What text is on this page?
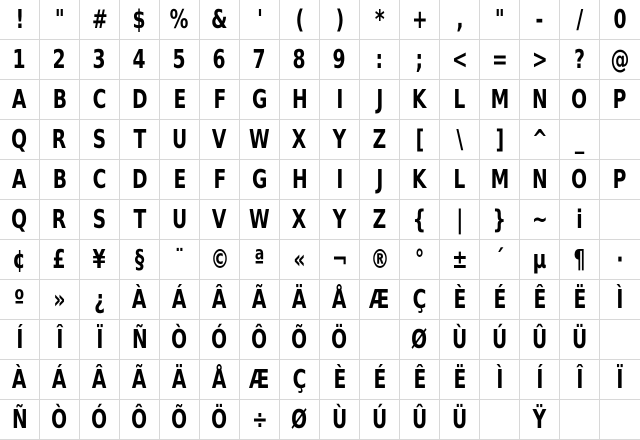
! " # $ % & ' ( ) * + , " - / 0
1 2 3 4 5 6 7 8 9 : ; < = > ? @
A B C D E F G H I J K L M N O P
Q R S T U V W X Y Z [ \ ] ^ _
A B C D E F G H I J K L M N O P
Q R S T U V W X Y Z { | } ~ i
¢ £ ¥ § ¨ © ª « ¬ ® ° ± ´ µ ¶ ·
º » ¿ À Á Â Ã Ä Å Æ Ç È É Ê Ë Ì
Í Î Ï Ñ Ò Ó Ô Õ Ö Ø Ù Ú Û Ü
À Á Â Ã Ä Å Æ Ç È É Ê Ë Ì Í Î Ï
Ñ Ò Ó Ô Õ Ö ÷ Ø Ù Ú Û Ü	Ÿ
